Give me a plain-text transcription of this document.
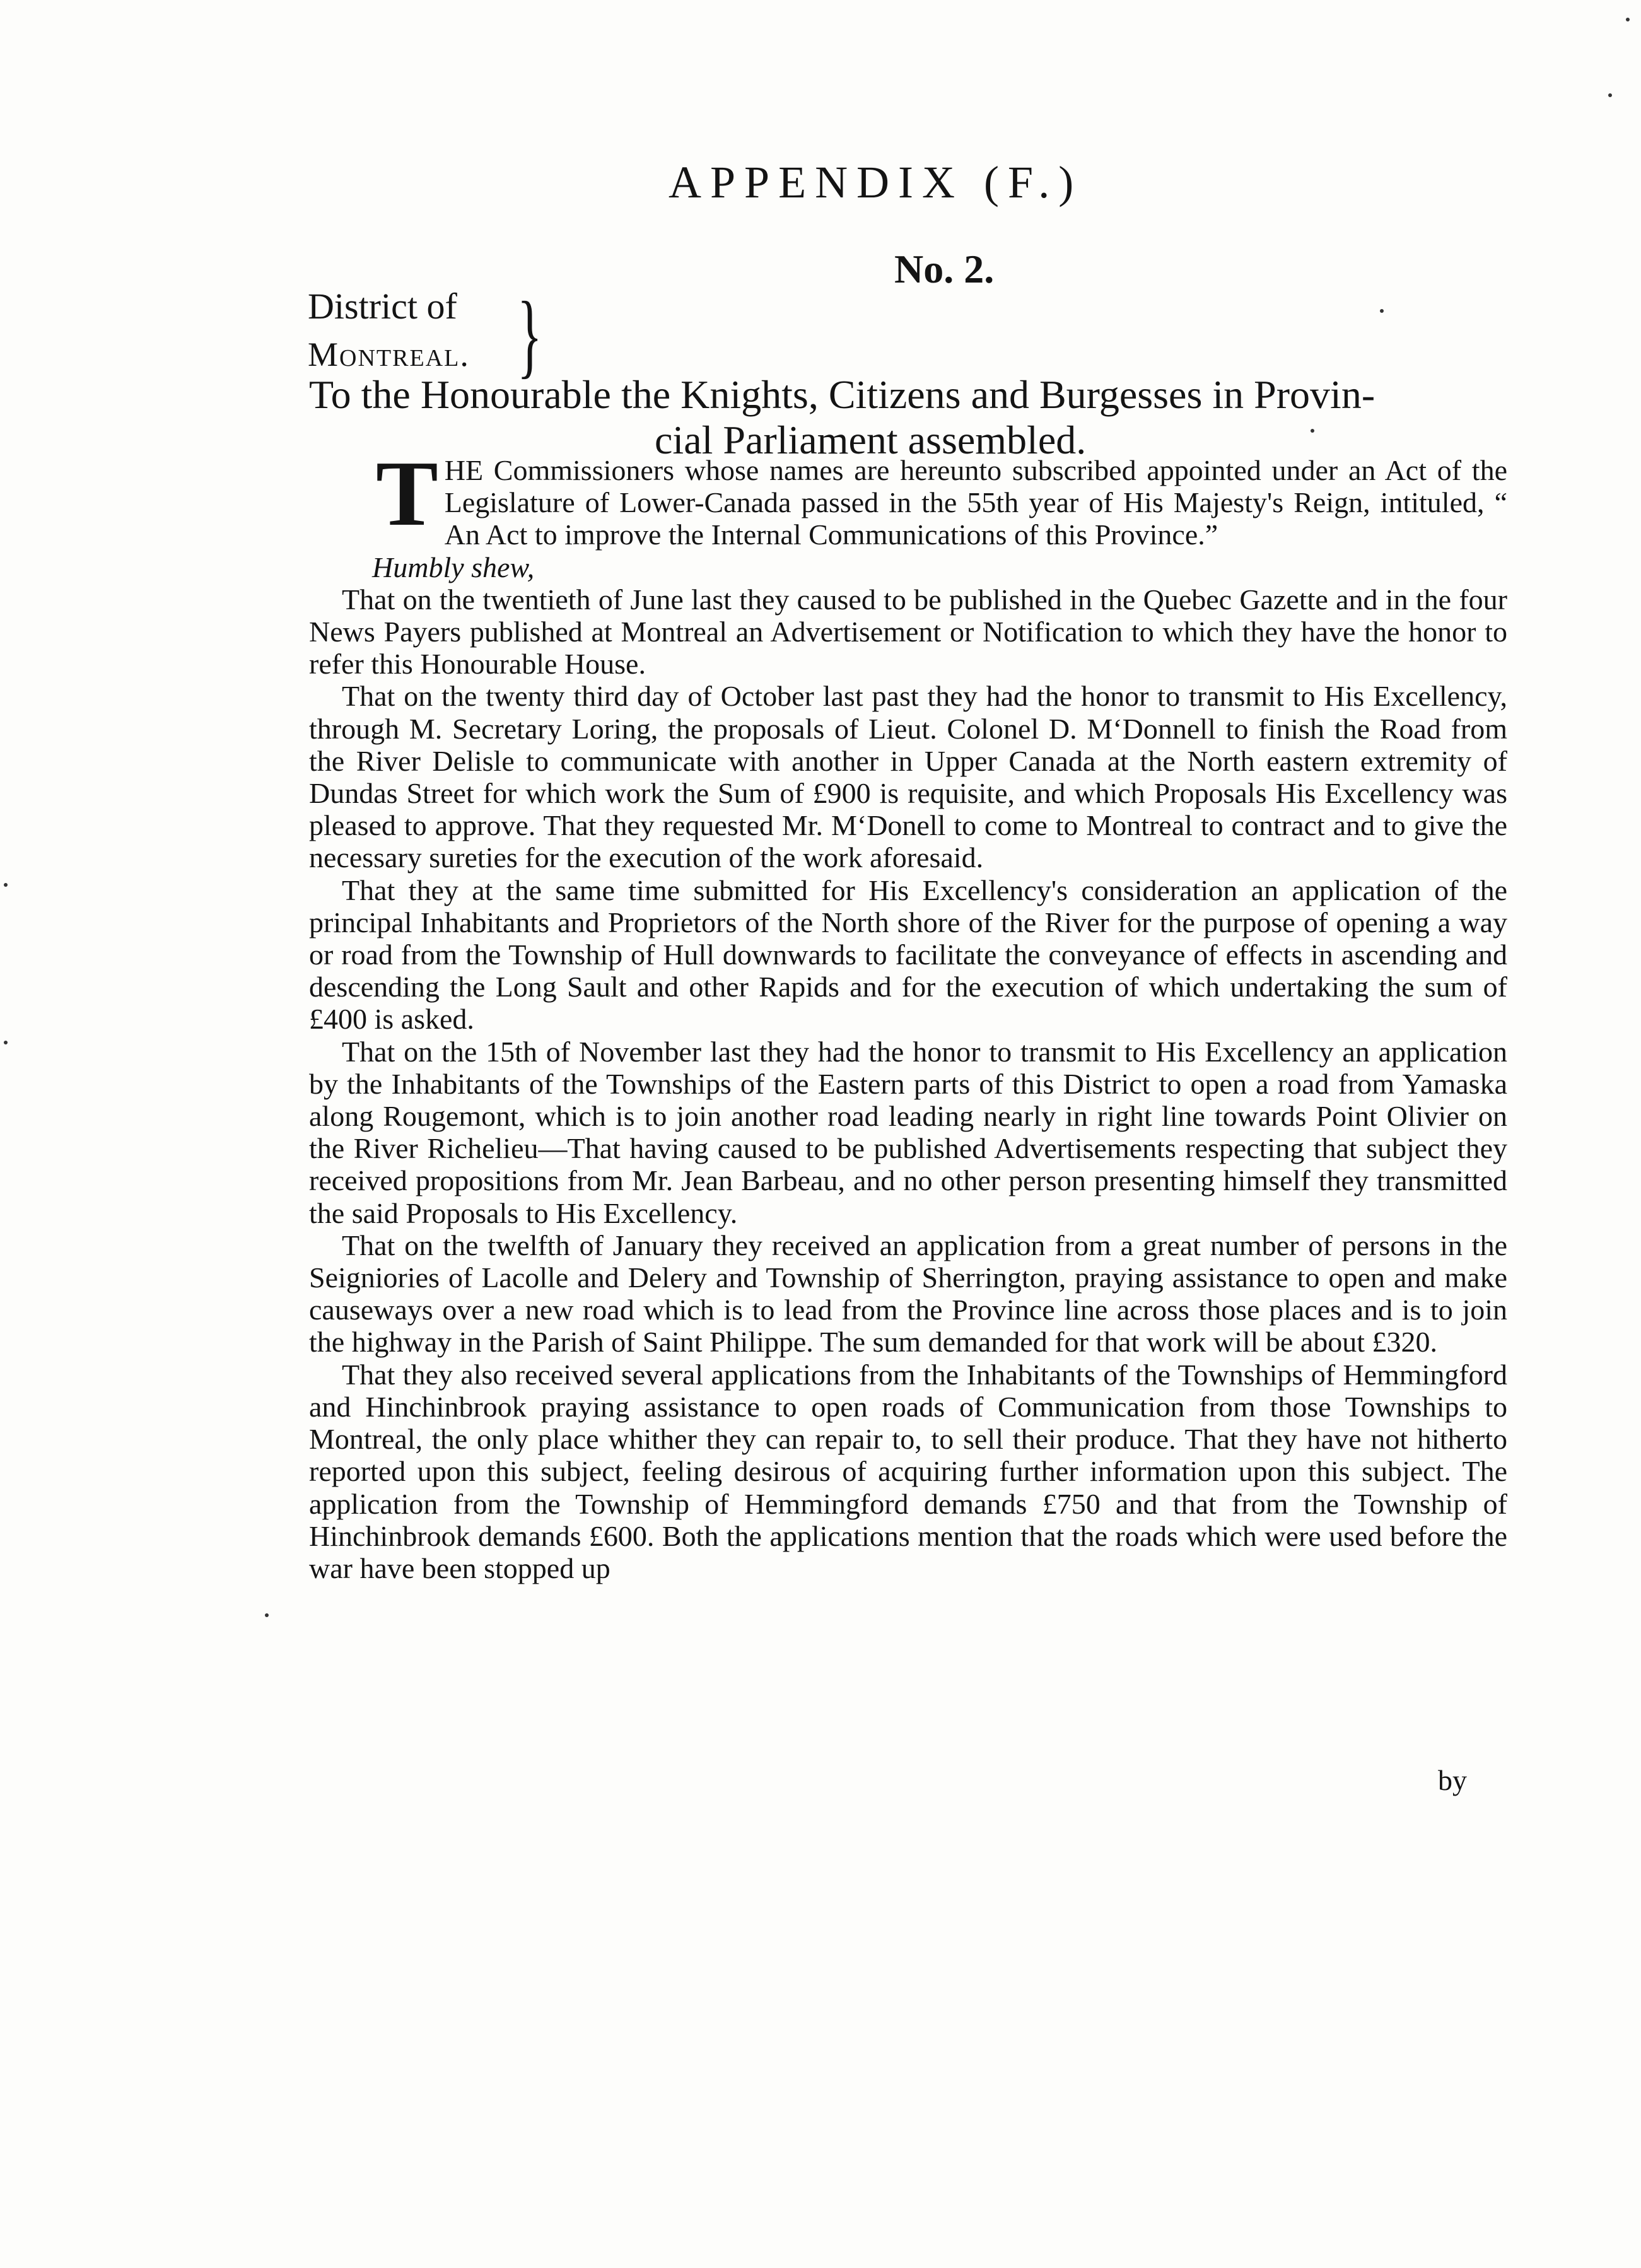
APPENDIX (F.)
No. 2.
District of
Montreal. }
To the Honourable the Knights, Citizens and Burgesses in Provin-
cial Parliament assembled.

THE Commissioners whose names are hereunto subscribed appointed under an Act of the Legislature of Lower-Canada passed in the 55th year of His Majesty's Reign, intituled, “ An Act to improve the Internal Communications of this Province.”

Humbly shew,

That on the twentieth of June last they caused to be published in the Quebec Gazette and in the four News Payers published at Montreal an Advertisement or Notification to which they have the honor to refer this Honourable House.

That on the twenty third day of October last past they had the honor to transmit to His Excellency, through M. Secretary Loring, the proposals of Lieut. Colonel D. M‘Donnell to finish the Road from the River Delisle to communicate with another in Upper Canada at the North eastern extremity of Dundas Street for which work the Sum of £900 is requisite, and which Proposals His Excellency was pleased to approve. That they requested Mr. M‘Donell to come to Montreal to contract and to give the necessary sureties for the execution of the work aforesaid.

That they at the same time submitted for His Excellency's consideration an application of the principal Inhabitants and Proprietors of the North shore of the River for the purpose of opening a way or road from the Township of Hull downwards to facilitate the conveyance of effects in ascending and descending the Long Sault and other Rapids and for the execution of which undertaking the sum of £400 is asked.

That on the 15th of November last they had the honor to transmit to His Excellency an application by the Inhabitants of the Townships of the Eastern parts of this District to open a road from Yamaska along Rougemont, which is to join another road leading nearly in right line towards Point Olivier on the River Richelieu—That having caused to be published Advertisements respecting that subject they received propositions from Mr. Jean Barbeau, and no other person presenting himself they transmitted the said Proposals to His Excellency.

That on the twelfth of January they received an application from a great number of persons in the Seigniories of Lacolle and Delery and Township of Sherrington, praying assistance to open and make causeways over a new road which is to lead from the Province line across those places and is to join the highway in the Parish of Saint Philippe. The sum demanded for that work will be about £320.

That they also received several applications from the Inhabitants of the Townships of Hemmingford and Hinchinbrook praying assistance to open roads of Communication from those Townships to Montreal, the only place whither they can repair to, to sell their produce. That they have not hitherto reported upon this subject, feeling desirous of acquiring further information upon this subject. The application from the Township of Hemmingford demands £750 and that from the Township of Hinchinbrook demands £600. Both the applications mention that the roads which were used before the war have been stopped up

by
